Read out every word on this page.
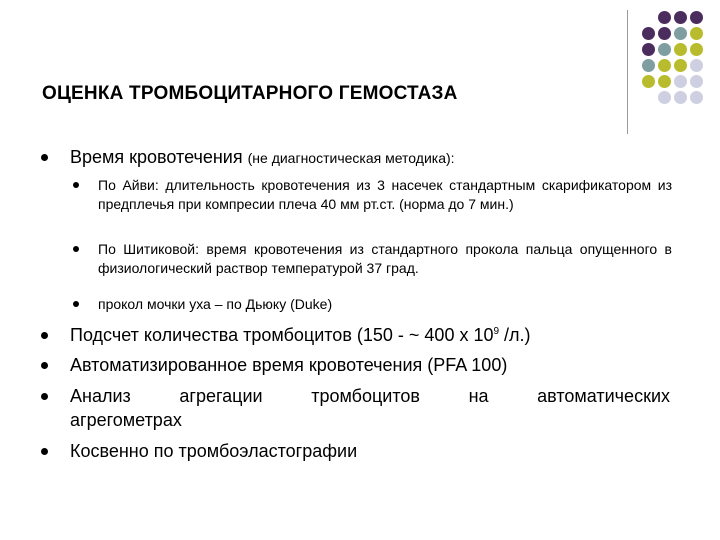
ОЦЕНКА ТРОМБОЦИТАРНОГО ГЕМОСТАЗА
Время кровотечения (не диагностическая методика):
По Айви: длительность кровотечения из 3 насечек стандартным скарификатором из предплечья при компресии плеча 40 мм рт.ст. (норма до 7 мин.)
По Шитиковой: время кровотечения из стандартного прокола пальца опущенного в физиологический раствор температурой 37 град.
прокол мочки уха – по Дьюку (Duke)
Подсчет количества тромбоцитов (150 - ~ 400 x $10^9$ /л.)
Автоматизированное время кровотечения (PFA 100)
Анализ агрегации тромбоцитов на автоматических
агрегометрах
Косвенно по тромбоэластографии
